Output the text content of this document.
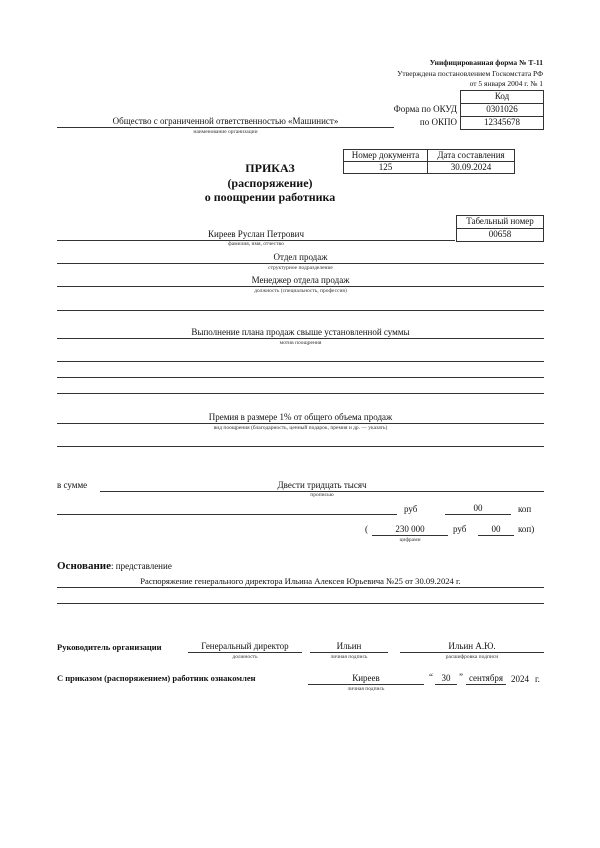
Унифицированная форма № Т-11
Утверждена постановлением Госкомстата РФ
от 5 января 2004 г. № 1
Код
Форма по ОКУД	0301026
по ОКПО	12345678
Общество с ограниченной ответственностью «Машинист»
наименование организации
Номер документа	Дата составления
125	30.09.2024
ПРИКАЗ
(распоряжение)
о поощрении работника
Табельный номер
00658
Киреев Руслан Петрович
фамилия, имя, отчество
Отдел продаж
структурное подразделение
Менеджер отдела продаж
должность (специальность, профессия)
Выполнение плана продаж свыше установленной суммы
мотив поощрения
Премия в размере 1% от общего объема продаж
вид поощрения (благодарность, ценный подарок, премия и др. — указать)
в сумме	Двести тридцать тысяч
прописью
руб	00	коп
(	230 000	руб	00	коп)
цифрами
Основание: представление
Распоряжение генерального директора Ильина Алексея Юрьевича №25 от 30.09.2024 г.
Руководитель организации	Генеральный директор
должность
Ильин
личная подпись
Ильин А.Ю.
расшифровка подписи
С приказом (распоряжением) работник ознакомлен	Киреев
личная подпись
“ 30 ” сентября 2024 г.
